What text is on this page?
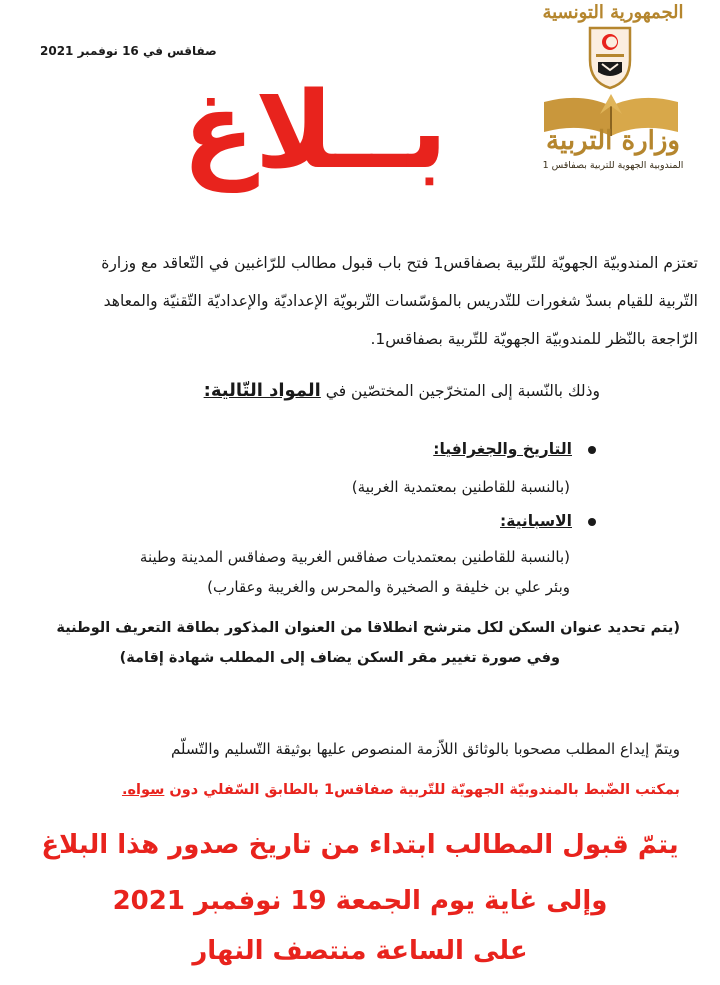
صفاقس في 16 نوفمبر 2021
الجمهورية التونسية
وزارة التربية
المندوبية الجهوية للتربية بصفاقس 1
بــلاغ

تعتزم المندوبيّة الجهويّة للتّربية بصفاقس1 فتح باب قبول مطالب للرّاغبين في التّعاقد مع وزارة

التّربية للقيام بسدّ شغورات للتّدريس بالمؤسّسات التّربويّة الإعداديّة والإعداديّة التّقنيّة والمعاهد

الرّاجعة بالنّظر للمندوبيّة الجهويّة للتّربية بصفاقس1.

وذلك بالنّسبة إلى المتخرّجين المختصّين في المواد التّالية:
التاريخ والجغرافيا:
(بالنسبة للقاطنين بمعتمدية الغربية)
الاسبانية:
(بالنسبة للقاطنين بمعتمديات صفاقس الغربية وصفاقس المدينة وطينة
وبئر علي بن خليفة و الصخيرة والمحرس والغريبة وعقارب)
(يتم تحديد عنوان السكن لكل مترشح انطلاقا من العنوان المذكور بطاقة التعريف الوطنية
وفي صورة تغيير مقر السكن يضاف إلى المطلب شهادة إقامة)
ويتمّ إيداع المطلب مصحوبا بالوثائق اللاّزمة المنصوص عليها بوثيقة التّسليم والتّسلّم
بمكتب الضّبط بالمندوبيّة الجهويّة للتّربية صفاقس1 بالطابق السّفلي دون سواه.
يتمّ قبول المطالب ابتداء من تاريخ صدور هذا البلاغ
وإلى غاية يوم الجمعة 19 نوفمبر 2021
على الساعة منتصف النهار
